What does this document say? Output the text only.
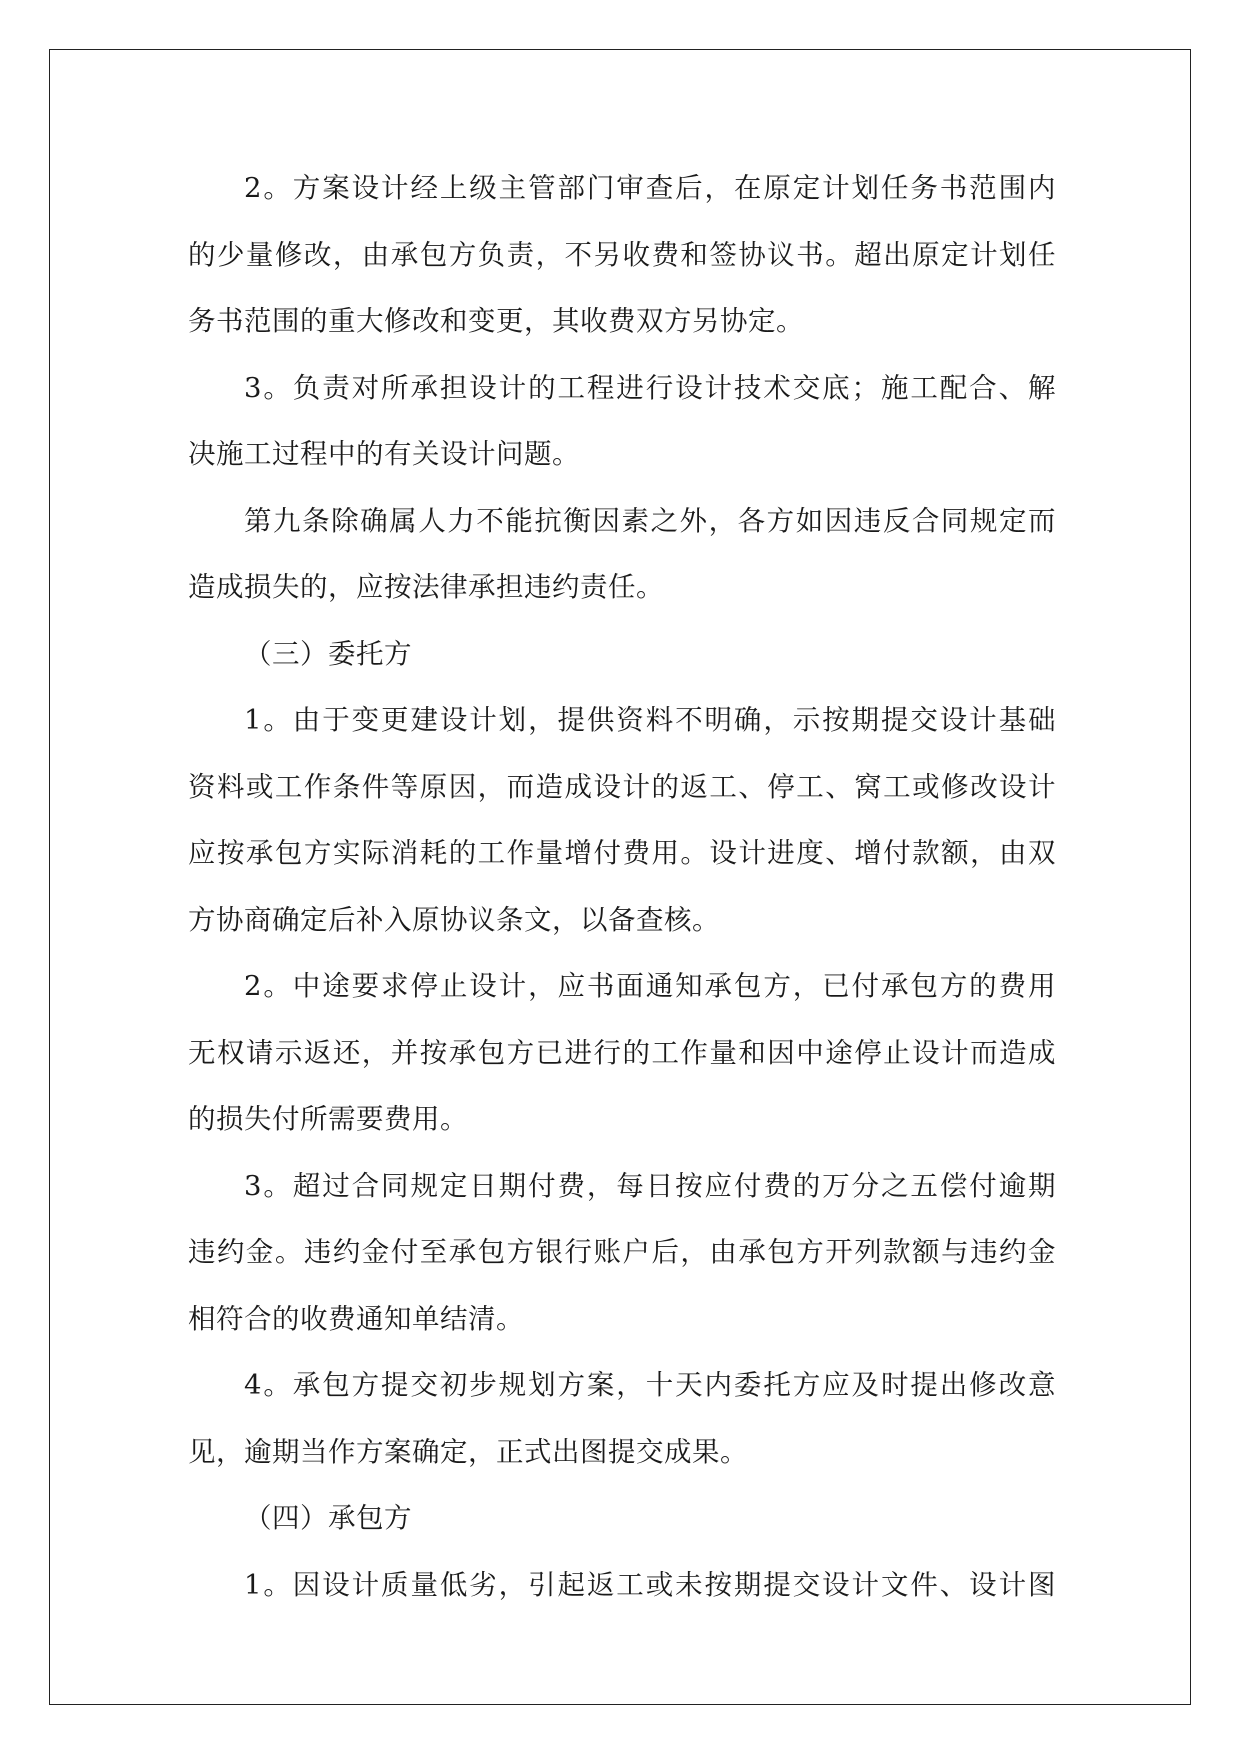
2。方案设计经上级主管部门审查后，在原定计划任务书范围内
的少量修改，由承包方负责，不另收费和签协议书。超出原定计划任
务书范围的重大修改和变更，其收费双方另协定。

3。负责对所承担设计的工程进行设计技术交底；施工配合、解
决施工过程中的有关设计问题。

第九条除确属人力不能抗衡因素之外，各方如因违反合同规定而
造成损失的，应按法律承担违约责任。

（三）委托方

1。由于变更建设计划，提供资料不明确，示按期提交设计基础
资料或工作条件等原因，而造成设计的返工、停工、窝工或修改设计
应按承包方实际消耗的工作量增付费用。设计进度、增付款额，由双
方协商确定后补入原协议条文，以备查核。

2。中途要求停止设计，应书面通知承包方，已付承包方的费用
无权请示返还，并按承包方已进行的工作量和因中途停止设计而造成
的损失付所需要费用。

3。超过合同规定日期付费，每日按应付费的万分之五偿付逾期
违约金。违约金付至承包方银行账户后，由承包方开列款额与违约金
相符合的收费通知单结清。

4。承包方提交初步规划方案，十天内委托方应及时提出修改意
见，逾期当作方案确定，正式出图提交成果。

（四）承包方

1。因设计质量低劣，引起返工或未按期提交设计文件、设计图
